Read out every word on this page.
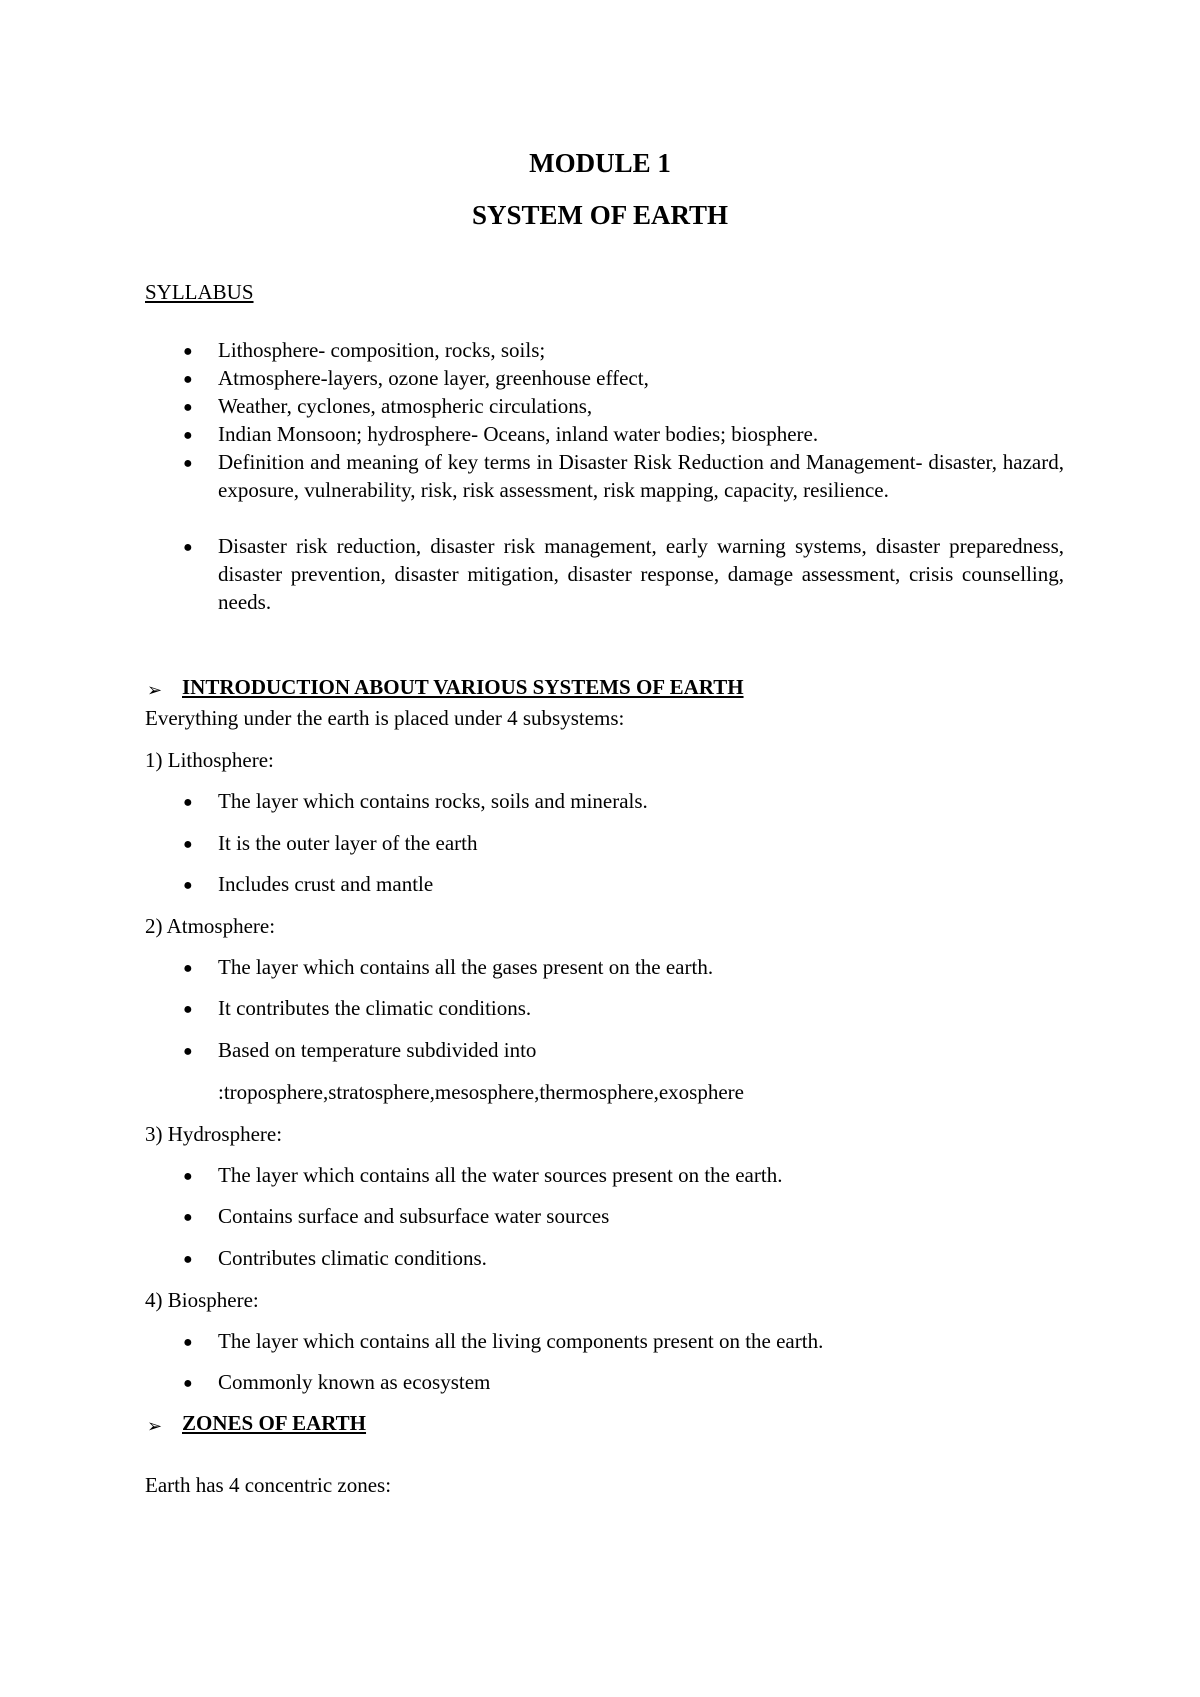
MODULE 1
SYSTEM OF EARTH
SYLLABUS
● Lithosphere- composition, rocks, soils;
● Atmosphere-layers, ozone layer, greenhouse effect,
● Weather, cyclones, atmospheric circulations,
● Indian Monsoon; hydrosphere- Oceans, inland water bodies; biosphere.
● Definition and meaning of key terms in Disaster Risk Reduction and Management- disaster, hazard, exposure, vulnerability, risk, risk assessment, risk mapping, capacity, resilience.
● Disaster risk reduction, disaster risk management, early warning systems, disaster preparedness, disaster prevention, disaster mitigation, disaster response, damage assessment, crisis counselling, needs.
➢ INTRODUCTION ABOUT VARIOUS SYSTEMS OF EARTH
Everything under the earth is placed under 4 subsystems:
1) Lithosphere:
● The layer which contains rocks, soils and minerals.
● It is the outer layer of the earth
● Includes crust and mantle
2) Atmosphere:
● The layer which contains all the gases present on the earth.
● It contributes the climatic conditions.
● Based on temperature subdivided into
:troposphere,stratosphere,mesosphere,thermosphere,exosphere
3) Hydrosphere:
● The layer which contains all the water sources present on the earth.
● Contains surface and subsurface water sources
● Contributes climatic conditions.
4) Biosphere:
● The layer which contains all the living components present on the earth.
● Commonly known as ecosystem
➢ ZONES OF EARTH
Earth has 4 concentric zones:
